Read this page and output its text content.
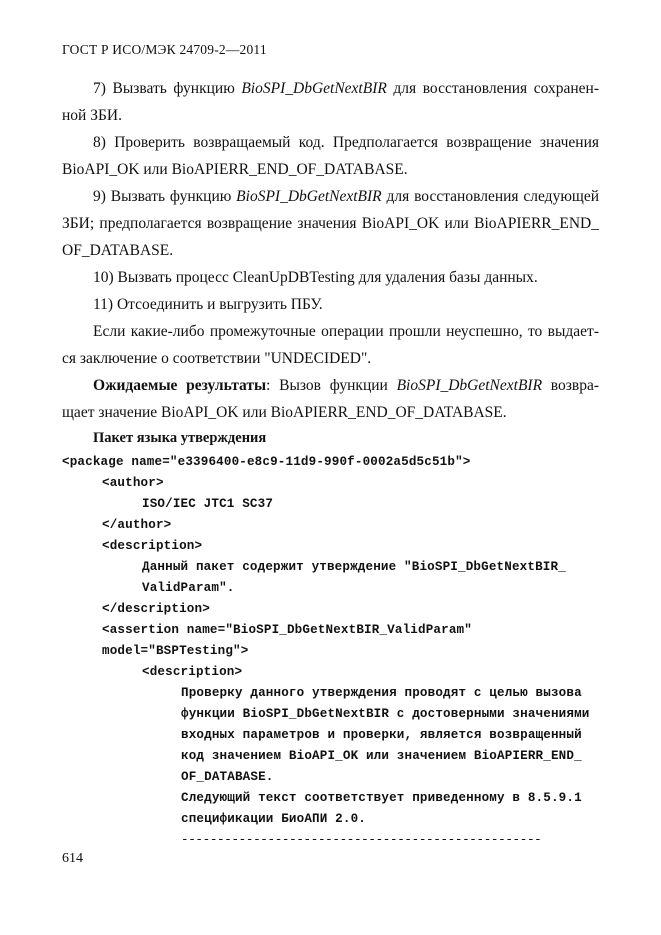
ГОСТ Р ИСО/МЭК 24709-2—2011
7) Вызвать функцию BioSPI_DbGetNextBIR для восстановления сохранен-
ной ЗБИ.
8) Проверить возвращаемый код. Предполагается возвращение значения
BioAPI_OK или BioAPIERR_END_OF_DATABASE.
9) Вызвать функцию BioSPI_DbGetNextBIR для восстановления следующей
ЗБИ; предполагается возвращение значения BioAPI_OK или BioAPIERR_END_
OF_DATABASE.
10) Вызвать процесс CleanUpDBTesting для удаления базы данных.
11) Отсоединить и выгрузить ПБУ.
Если какие-либо промежуточные операции прошли неуспешно, то выдает-
ся заключение о соответствии "UNDECIDED".
Ожидаемые результаты: Вызов функции BioSPI_DbGetNextBIR возвра-
щает значение BioAPI_OK или BioAPIERR_END_OF_DATABASE.
Пакет языка утверждения
<package name="e3396400-e8c9-11d9-990f-0002a5d5c51b">
<author>
ISO/IEC JTC1 SC37
</author>
<description>
Данный пакет содержит утверждение "BioSPI_DbGetNextBIR_
ValidParam".
</description>
<assertion name="BioSPI_DbGetNextBIR_ValidParam"
model="BSPTesting">
<description>
Проверку данного утверждения проводят с целью вызова
функции BioSPI_DbGetNextBIR с достоверными значениями
входных параметров и проверки, является возвращенный
код значением BioAPI_OK или значением BioAPIERR_END_
OF_DATABASE.
Следующий текст соответствует приведенному в 8.5.9.1
спецификации БиоАПИ 2.0.
--------------------------------------------------
614
